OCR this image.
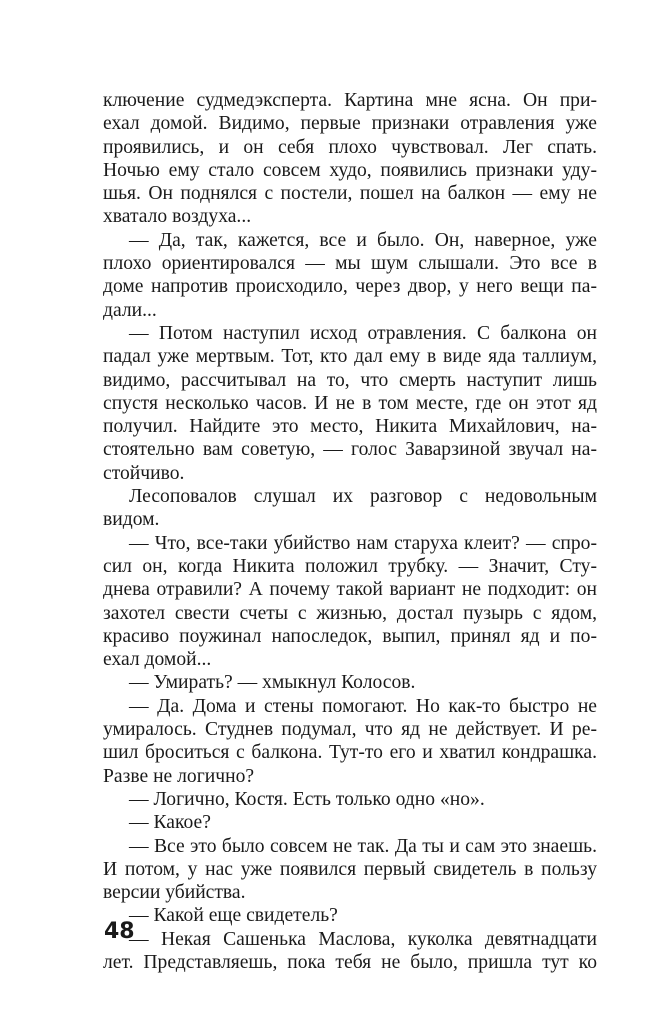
ключение судмедэксперта. Картина мне ясна. Он при-
ехал домой. Видимо, первые признаки отравления уже
проявились, и он себя плохо чувствовал. Лег спать.
Ночью ему стало совсем худо, появились признаки уду-
шья. Он поднялся с постели, пошел на балкон — ему не
хватало воздуха...
— Да, так, кажется, все и было. Он, наверное, уже
плохо ориентировался — мы шум слышали. Это все в
доме напротив происходило, через двор, у него вещи па-
дали...
— Потом наступил исход отравления. С балкона он
падал уже мертвым. Тот, кто дал ему в виде яда таллиум,
видимо, рассчитывал на то, что смерть наступит лишь
спустя несколько часов. И не в том месте, где он этот яд
получил. Найдите это место, Никита Михайлович, на-
стоятельно вам советую, — голос Заварзиной звучал на-
стойчиво.
Лесоповалов слушал их разговор с недовольным
видом.
— Что, все-таки убийство нам старуха клеит? — спро-
сил он, когда Никита положил трубку. — Значит, Сту-
днева отравили? А почему такой вариант не подходит: он
захотел свести счеты с жизнью, достал пузырь с ядом,
красиво поужинал напоследок, выпил, принял яд и по-
ехал домой...
— Умирать? — хмыкнул Колосов.
— Да. Дома и стены помогают. Но как-то быстро не
умиралось. Студнев подумал, что яд не действует. И ре-
шил броситься с балкона. Тут-то его и хватил кондрашка.
Разве не логично?
— Логично, Костя. Есть только одно «но».
— Какое?
— Все это было совсем не так. Да ты и сам это знаешь.
И потом, у нас уже появился первый свидетель в пользу
версии убийства.
— Какой еще свидетель?
— Некая Сашенька Маслова, куколка девятнадцати
лет. Представляешь, пока тебя не было, пришла тут ко
48
